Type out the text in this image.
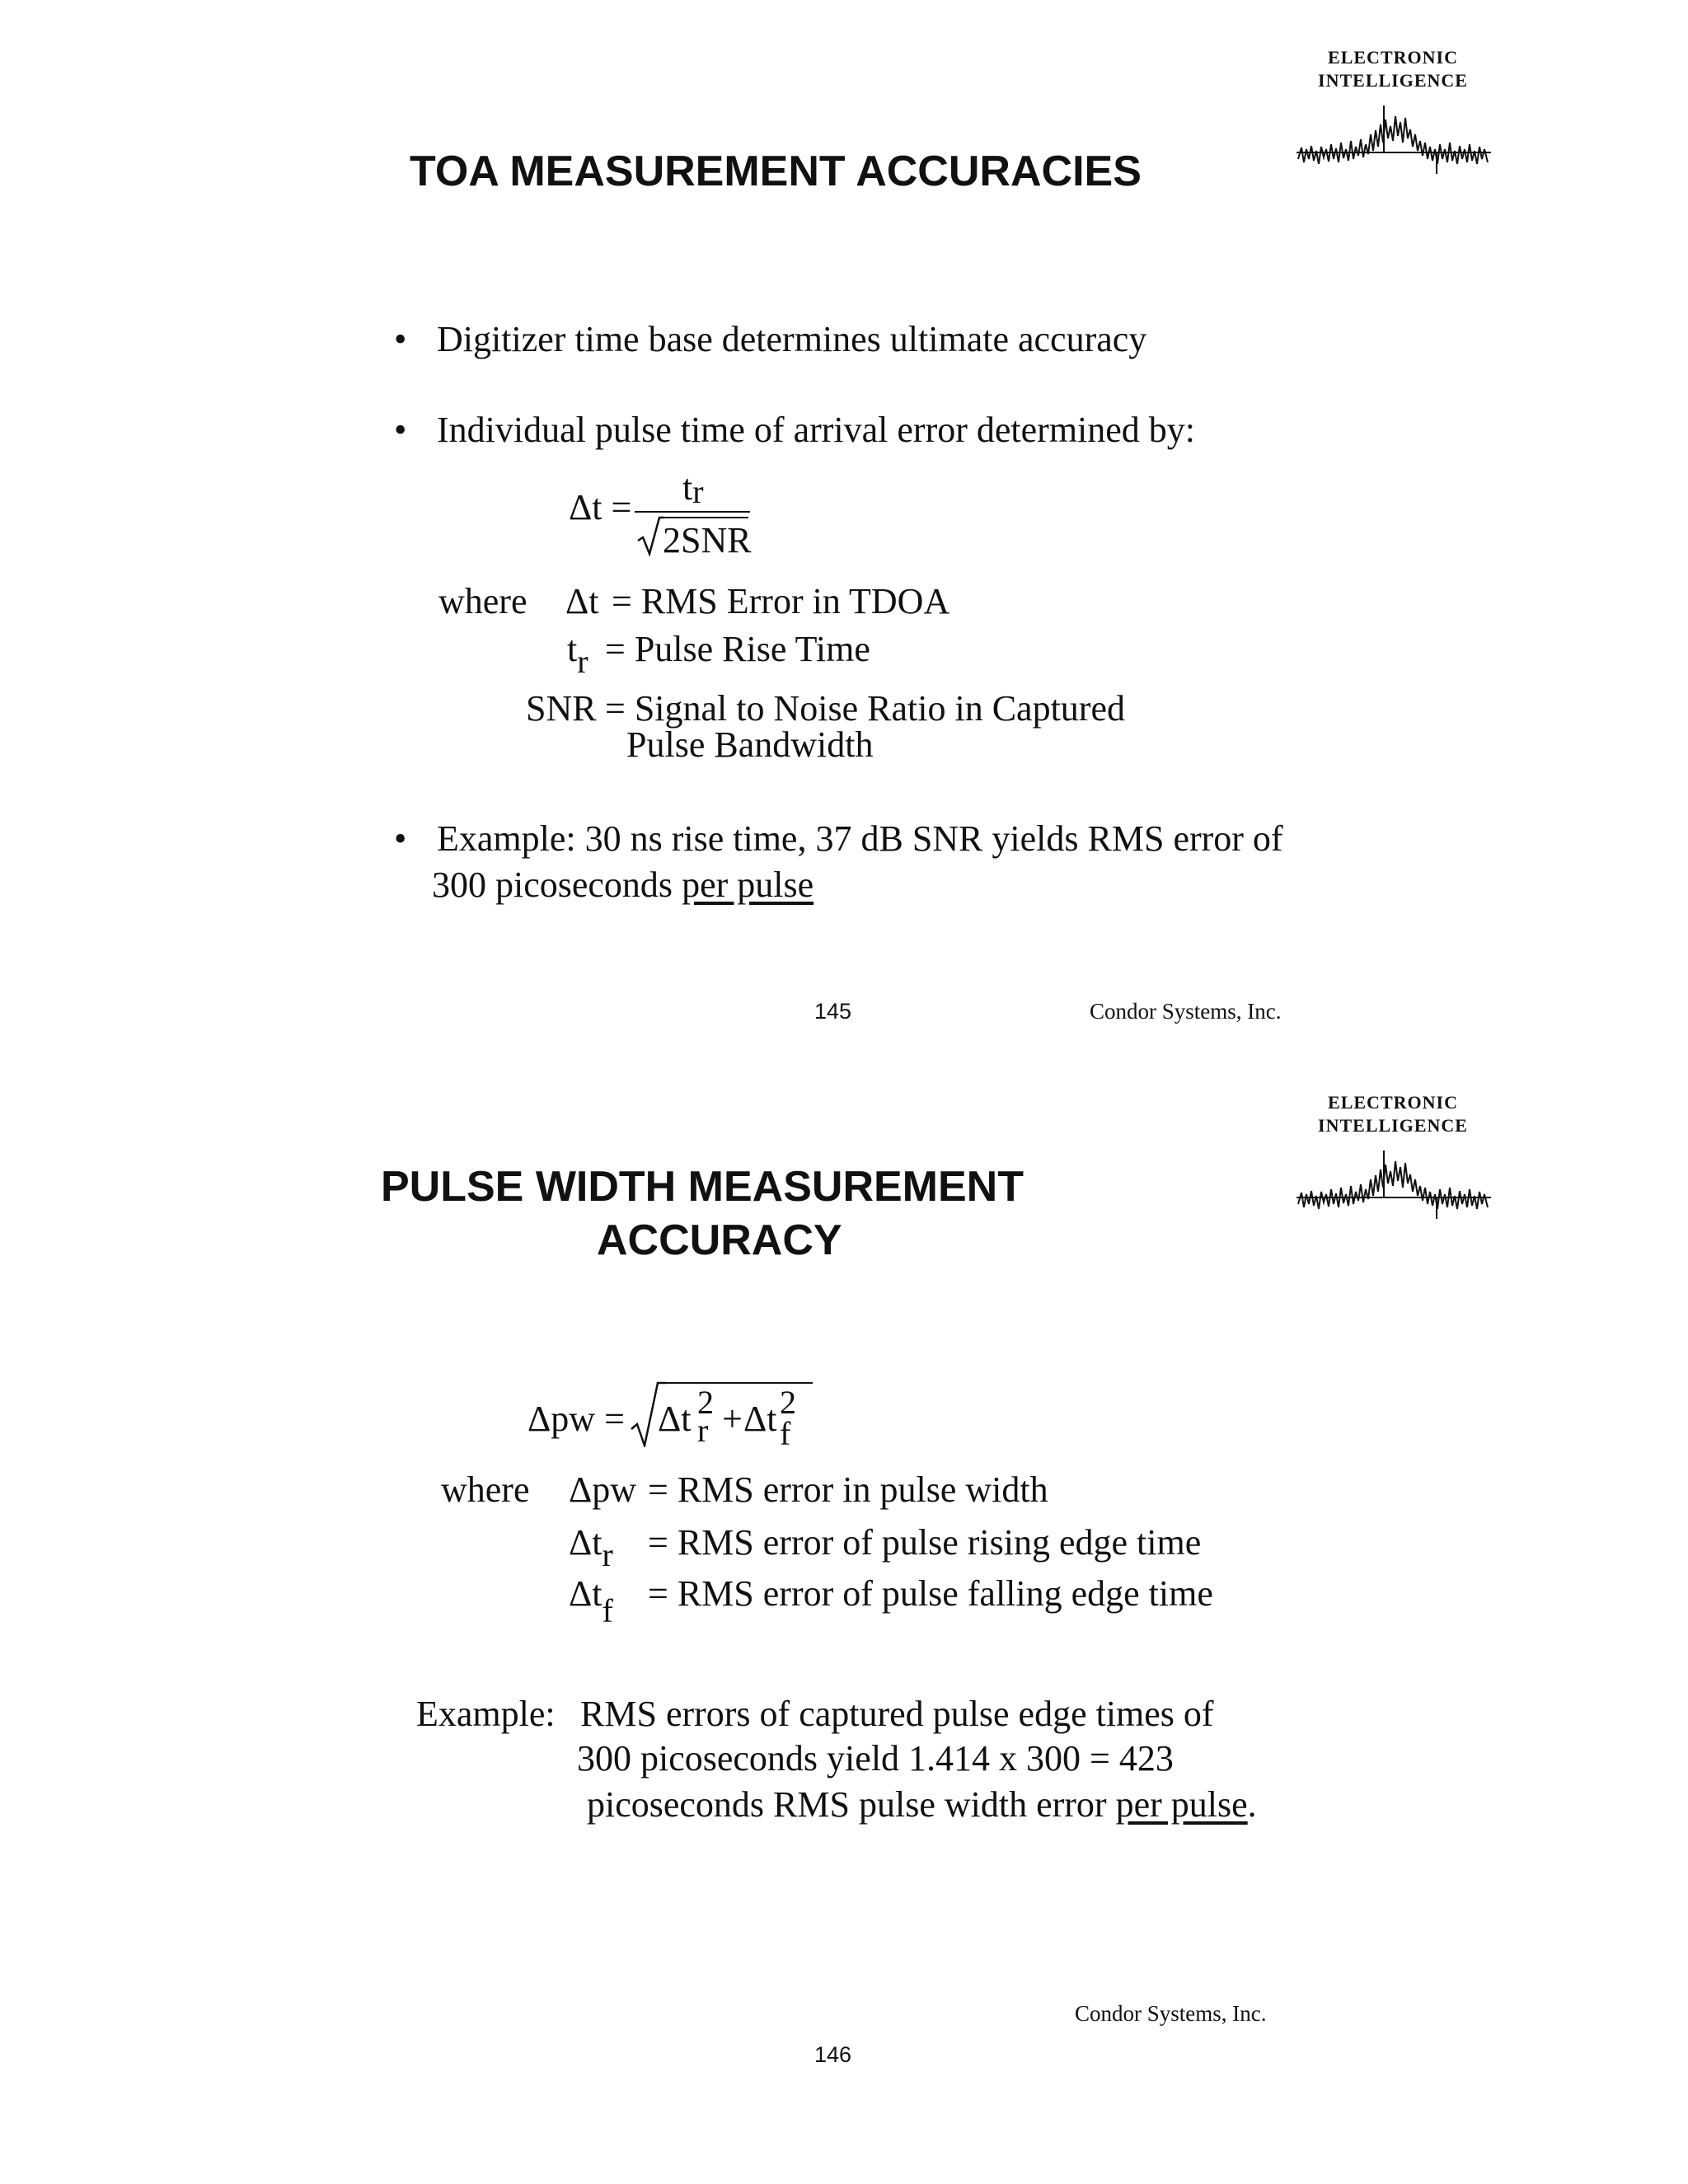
ELECTRONIC
INTELLIGENCE
TOA MEASUREMENT ACCURACIES
• Digitizer time base determines ultimate accuracy
• Individual pulse time of arrival error determined by:
Δt = tr
2SNR
where Δt = RMS Error in TDOA
tr = Pulse Rise Time
SNR = Signal to Noise Ratio in Captured
Pulse Bandwidth
• Example: 30 ns rise time, 37 dB SNR yields RMS error of
300 picoseconds per pulse
145	Condor Systems, Inc.
ELECTRONIC
INTELLIGENCE
PULSE WIDTH MEASUREMENT
ACCURACY
Δpw = Δt 2
r + Δt 2
f
where Δpw = RMS error in pulse width
Δtr = RMS error of pulse rising edge time
Δtf = RMS error of pulse falling edge time
Example: RMS errors of captured pulse edge times of
300 picoseconds yield 1.414 x 300 = 423
picoseconds RMS pulse width error per pulse.
Condor Systems, Inc.
146
